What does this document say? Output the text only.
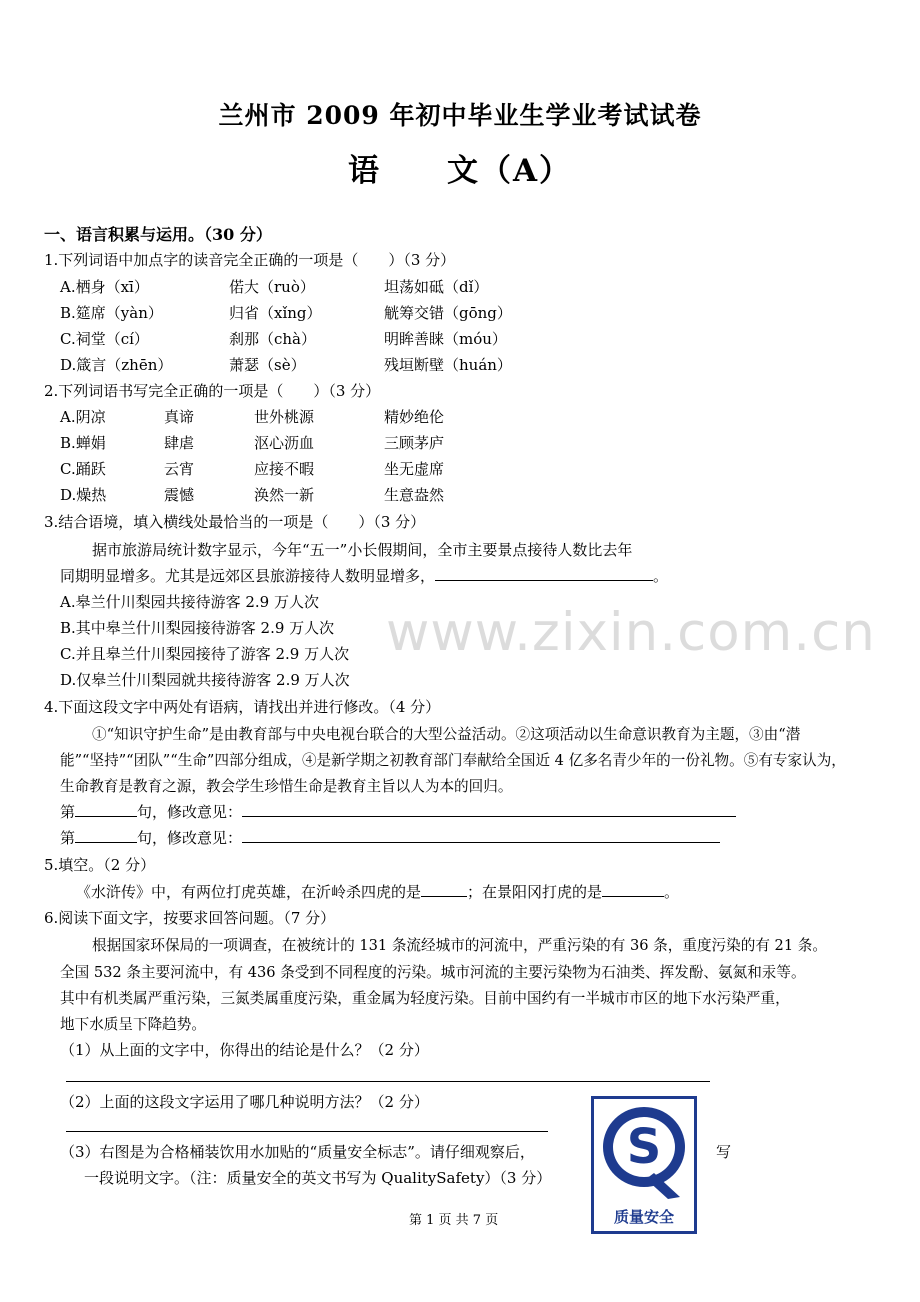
兰州市 2009 年初中毕业生学业考试试卷
语　　文（A）
一、语言积累与运用。（30 分）
1.下列词语中加点字的读音完全正确的一项是（　　）（3 分）
A.栖身（xī）	偌大（ruò）	坦荡如砥（dǐ）
B.筵席（yàn）	归省（xǐng）	觥筹交错（gōng）
C.祠堂（cí）	刹那（chà）	明眸善睐（móu）
D.箴言（zhēn）	萧瑟（sè）	残垣断壁（huán）
2.下列词语书写完全正确的一项是（　　）（3 分）
A.阴凉	真谛	世外桃源	精妙绝伦
B.蝉娟	肆虐	沤心沥血	三顾茅庐
C.踊跃	云宵	应接不暇	坐无虚席
D.燥热	震憾	涣然一新	生意盎然
3.结合语境，填入横线处最恰当的一项是（　　）（3 分）
据市旅游局统计数字显示，今年“五一”小长假期间，全市主要景点接待人数比去年
同期明显增多。尤其是远郊区县旅游接待人数明显增多，	。
A.皋兰什川梨园共接待游客 2.9 万人次
B.其中皋兰什川梨园接待游客 2.9 万人次
C.并且皋兰什川梨园接待了游客 2.9 万人次
D.仅皋兰什川梨园就共接待游客 2.9 万人次
www.zixin.com.cn
4.下面这段文字中两处有语病，请找出并进行修改。（4 分）
①“知识守护生命”是由教育部与中央电视台联合的大型公益活动。②这项活动以生命意识教育为主题，③由“潜
能”“坚持”“团队”“生命”四部分组成，④是新学期之初教育部门奉献给全国近 4 亿多名青少年的一份礼物。⑤有专家认为，
生命教育是教育之源，教会学生珍惜生命是教育主旨以人为本的回归。
第	句，修改意见：
第	句，修改意见：
5.填空。（2 分）
《水浒传》中，有两位打虎英雄，在沂岭杀四虎的是	；在景阳冈打虎的是	。
6.阅读下面文字，按要求回答问题。（7 分）
根据国家环保局的一项调查，在被统计的 131 条流经城市的河流中，严重污染的有 36 条，重度污染的有 21 条。
全国 532 条主要河流中，有 436 条受到不同程度的污染。城市河流的主要污染物为石油类、挥发酚、氨氮和汞等。
其中有机类属严重污染，三氮类属重度污染，重金属为轻度污染。目前中国约有一半城市市区的地下水污染严重，
地下水质呈下降趋势。
（1）从上面的文字中，你得出的结论是什么？（2 分）
（2）上面的这段文字运用了哪几种说明方法？（2 分）
（3）右图是为合格桶装饮用水加贴的“质量安全标志”。请仔细观察后，	写
一段说明文字。（注：质量安全的英文书写为 QualitySafety）（3 分）
S
质量安全
第 1 页 共 7 页
